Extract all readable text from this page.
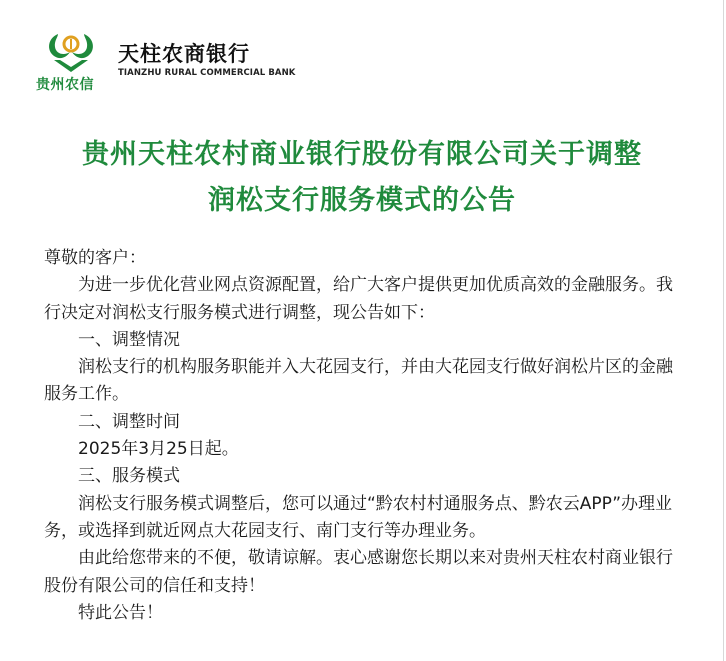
贵州农信
天柱农商银行
TIANZHU RURAL COMMERCIAL BANK
贵州天柱农村商业银行股份有限公司关于调整
润松支行服务模式的公告

尊敬的客户：

为进一步优化营业网点资源配置，给广大客户提供更加优质高效的金融服务。我行决定对润松支行服务模式进行调整，现公告如下：

一、调整情况

润松支行的机构服务职能并入大花园支行，并由大花园支行做好润松片区的金融服务工作。

二、调整时间

2025年3月25日起。

三、服务模式

润松支行服务模式调整后，您可以通过“黔农村村通服务点、黔农云APP”办理业务，或选择到就近网点大花园支行、南门支行等办理业务。

由此给您带来的不便，敬请谅解。衷心感谢您长期以来对贵州天柱农村商业银行股份有限公司的信任和支持！

特此公告！
